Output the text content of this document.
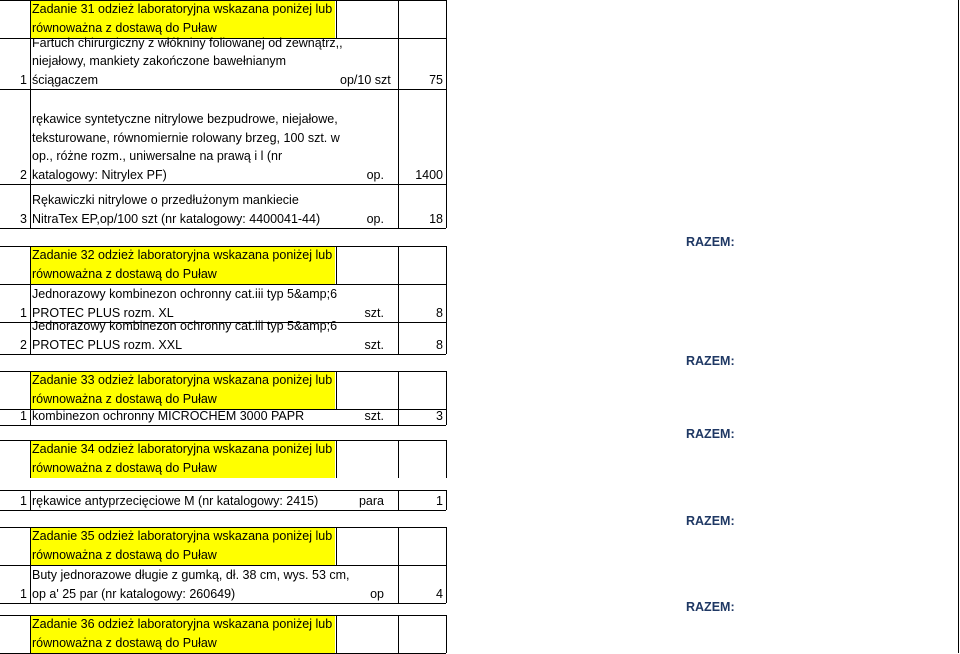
Zadanie 31 odzież laboratoryjna wskazana poniżej lub
równoważna z dostawą do Puław
1
Fartuch chirurgiczny z włókniny foliowanej od zewnątrz,,
niejałowy, mankiety zakończone bawełnianym
ściągaczem	op/10 szt	75
2
rękawice syntetyczne nitrylowe bezpudrowe, niejałowe,
teksturowane, równomiernie rolowany brzeg, 100 szt. w
op., różne rozm., uniwersalne na prawą i l (nr
katalogowy: Nitrylex PF)	op.	1400
3
Rękawiczki nitrylowe o przedłużonym mankiecie
NitraTex EP,op/100 szt (nr katalogowy: 4400041-44)	op.	18
RAZEM:
Zadanie 32 odzież laboratoryjna wskazana poniżej lub
równoważna z dostawą do Puław
1
Jednorazowy kombinezon ochronny cat.iii typ 5&amp;6
PROTEC PLUS rozm. XL	szt.	8
2
Jednorazowy kombinezon ochronny cat.iii typ 5&amp;6
PROTEC PLUS rozm. XXL	szt.	8
RAZEM:
Zadanie 33 odzież laboratoryjna wskazana poniżej lub
równoważna z dostawą do Puław
1 kombinezon ochronny MICROCHEM 3000 PAPR	szt.	3
RAZEM:
Zadanie 34 odzież laboratoryjna wskazana poniżej lub
równoważna z dostawą do Puław
1 rękawice antyprzecięciowe M (nr katalogowy: 2415)	para	1
RAZEM:
Zadanie 35 odzież laboratoryjna wskazana poniżej lub
równoważna z dostawą do Puław
1
Buty jednorazowe długie z gumką, dł. 38 cm, wys. 53 cm,
op a' 25 par (nr katalogowy: 260649)	op	4
RAZEM:
Zadanie 36 odzież laboratoryjna wskazana poniżej lub
równoważna z dostawą do Puław
